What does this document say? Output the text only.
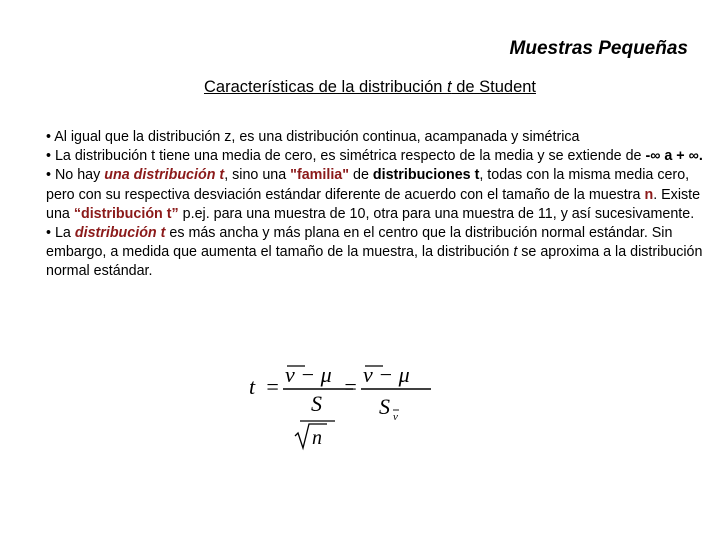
Muestras Pequeñas

Características de la distribución t de Student

• Al igual que la distribución z, es una distribución continua, acampanada y simétrica
• La distribución t tiene una media de cero, es simétrica respecto de la media y se extiende de -∞ a + ∞.
• No hay una distribución t, sino una "familia" de distribuciones t, todas con la misma media cero, pero con su respectiva desviación estándar diferente de acuerdo con el tamaño de la muestra n. Existe una “distribución t” p.ej. para una muestra de 10, otra para una muestra de 11, y así sucesivamente.
• La distribución t es más ancha y más plana en el centro que la distribución normal estándar. Sin embargo, a medida que aumenta el tamaño de la muestra, la distribución t se aproxima a la distribución normal estándar.
t = v − μ
S
n
= v − μ
S v
